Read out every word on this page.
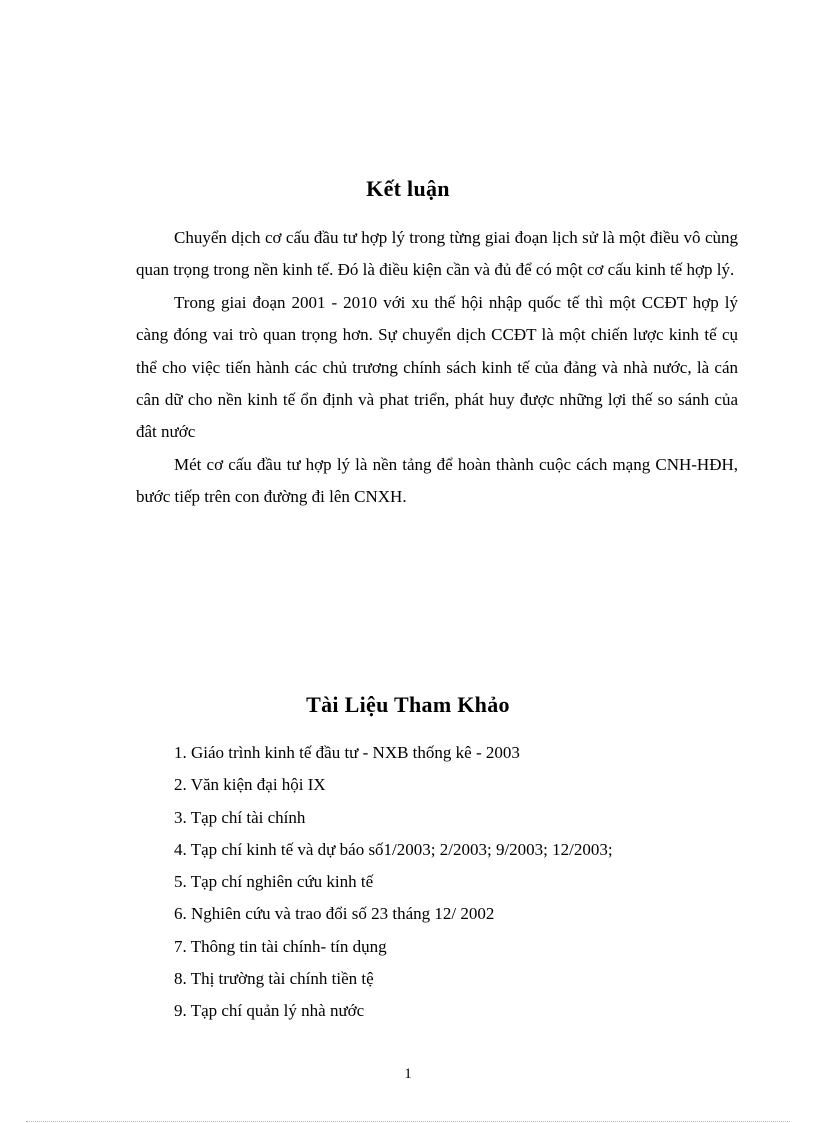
Kết luận

Chuyển dịch cơ cấu đầu tư hợp lý trong từng giai đoạn lịch sử là một điều vô cùng quan trọng trong nền kinh tế. Đó là điều kiện cần và đủ để có một cơ cấu kinh tế hợp lý.

Trong giai đoạn 2001 - 2010 với xu thế hội nhập quốc tế thì một CCĐT hợp lý càng đóng vai trò quan trọng hơn. Sự chuyển dịch CCĐT là một chiến lược kinh tế cụ thể cho việc tiến hành các chủ trương chính sách kinh tế của đảng và nhà nước, là cán cân dữ cho nền kinh tế ổn định và phat triển, phát huy được những lợi thế so sánh của đât nước

Mét cơ cấu đầu tư hợp lý là nền tảng để hoàn thành cuộc cách mạng CNH-HĐH, bước tiếp trên con đường đi lên CNXH.

Tài Liệu Tham Khảo
1. Giáo trình kinh tế đầu tư - NXB thống kê - 2003
2. Văn kiện đại hội IX
3. Tạp chí tài chính
4. Tạp chí kinh tế và dự báo số1/2003; 2/2003; 9/2003; 12/2003;
5. Tạp chí nghiên cứu kinh tế
6. Nghiên cứu và trao đổi số 23 tháng 12/ 2002
7. Thông tin tài chính- tín dụng
8. Thị trường tài chính tiền tệ
9. Tạp chí quản lý nhà nước
1
